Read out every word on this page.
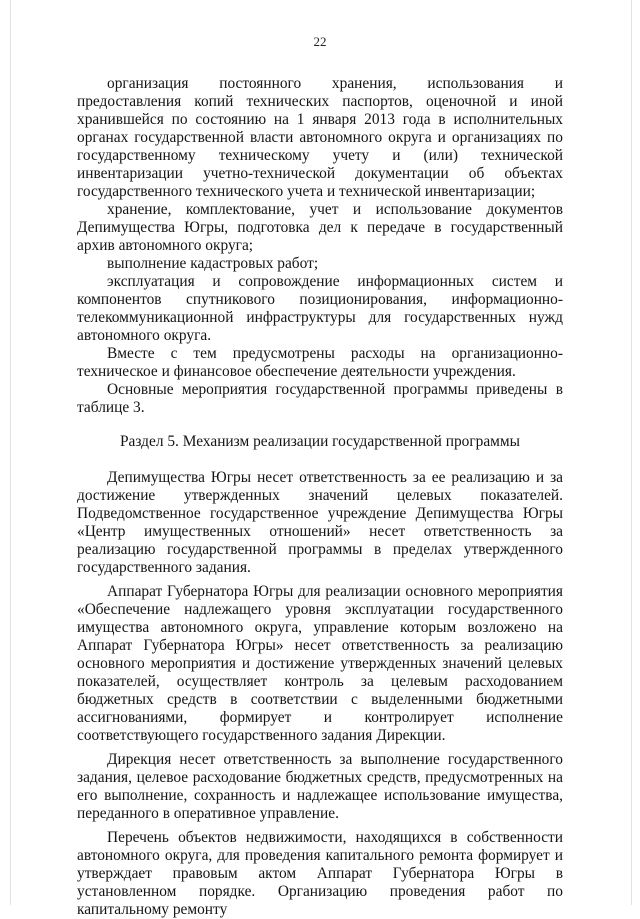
22

организация постоянного хранения, использования и предоставления копий технических паспортов, оценочной и иной хранившейся по состоянию на 1 января 2013 года в исполнительных органах государственной власти автономного округа и организациях по государственному техническому учету и (или) технической инвентаризации учетно-технической документации об объектах государственного технического учета и технической инвентаризации;

хранение, комплектование, учет и использование документов Депимущества Югры, подготовка дел к передаче в государственный архив автономного округа;

выполнение кадастровых работ;

эксплуатация и сопровождение информационных систем и компонентов спутникового позиционирования, информационно-телекоммуникационной инфраструктуры для государственных нужд автономного округа.

Вместе с тем предусмотрены расходы на организационно-техническое и финансовое обеспечение деятельности учреждения.

Основные мероприятия государственной программы приведены в таблице 3.

Раздел 5. Механизм реализации государственной программы

Депимущества Югры несет ответственность за ее реализацию и за достижение утвержденных значений целевых показателей. Подведомственное государственное учреждение Депимущества Югры «Центр имущественных отношений» несет ответственность за реализацию государственной программы в пределах утвержденного государственного задания.

Аппарат Губернатора Югры для реализации основного мероприятия «Обеспечение надлежащего уровня эксплуатации государственного имущества автономного округа, управление которым возложено на Аппарат Губернатора Югры» несет ответственность за реализацию основного мероприятия и достижение утвержденных значений целевых показателей, осуществляет контроль за целевым расходованием бюджетных средств в соответствии с выделенными бюджетными ассигнованиями, формирует и контролирует исполнение соответствующего государственного задания Дирекции.

Дирекция несет ответственность за выполнение государственного задания, целевое расходование бюджетных средств, предусмотренных на его выполнение, сохранность и надлежащее использование имущества, переданного в оперативное управление.

Перечень объектов недвижимости, находящихся в собственности автономного округа, для проведения капитального ремонта формирует и утверждает правовым актом Аппарат Губернатора Югры в установленном порядке. Организацию проведения работ по капитальному ремонту
